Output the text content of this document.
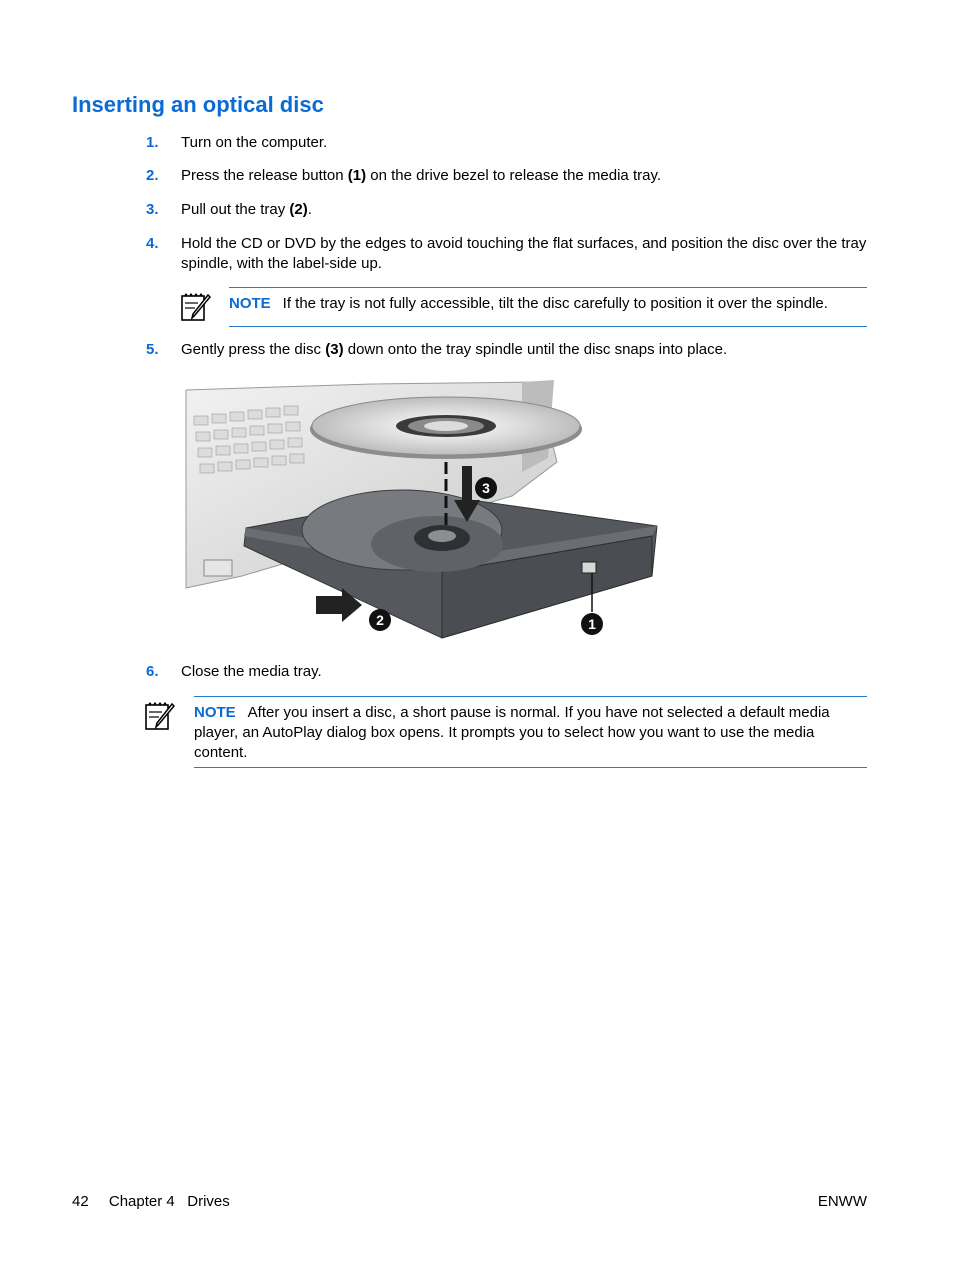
Inserting an optical disc
1. Turn on the computer.
2. Press the release button (1) on the drive bezel to release the media tray.
3. Pull out the tray (2).
4. Hold the CD or DVD by the edges to avoid touching the flat surfaces, and position the disc over the tray spindle, with the label-side up.
NOTE If the tray is not fully accessible, tilt the disc carefully to position it over the spindle.
5. Gently press the disc (3) down onto the tray spindle until the disc snaps into place.
3
2	1
6. Close the media tray.
NOTE After you insert a disc, a short pause is normal. If you have not selected a default media player, an AutoPlay dialog box opens. It prompts you to select how you want to use the media content.
42 Chapter 4   Drives	ENWW
